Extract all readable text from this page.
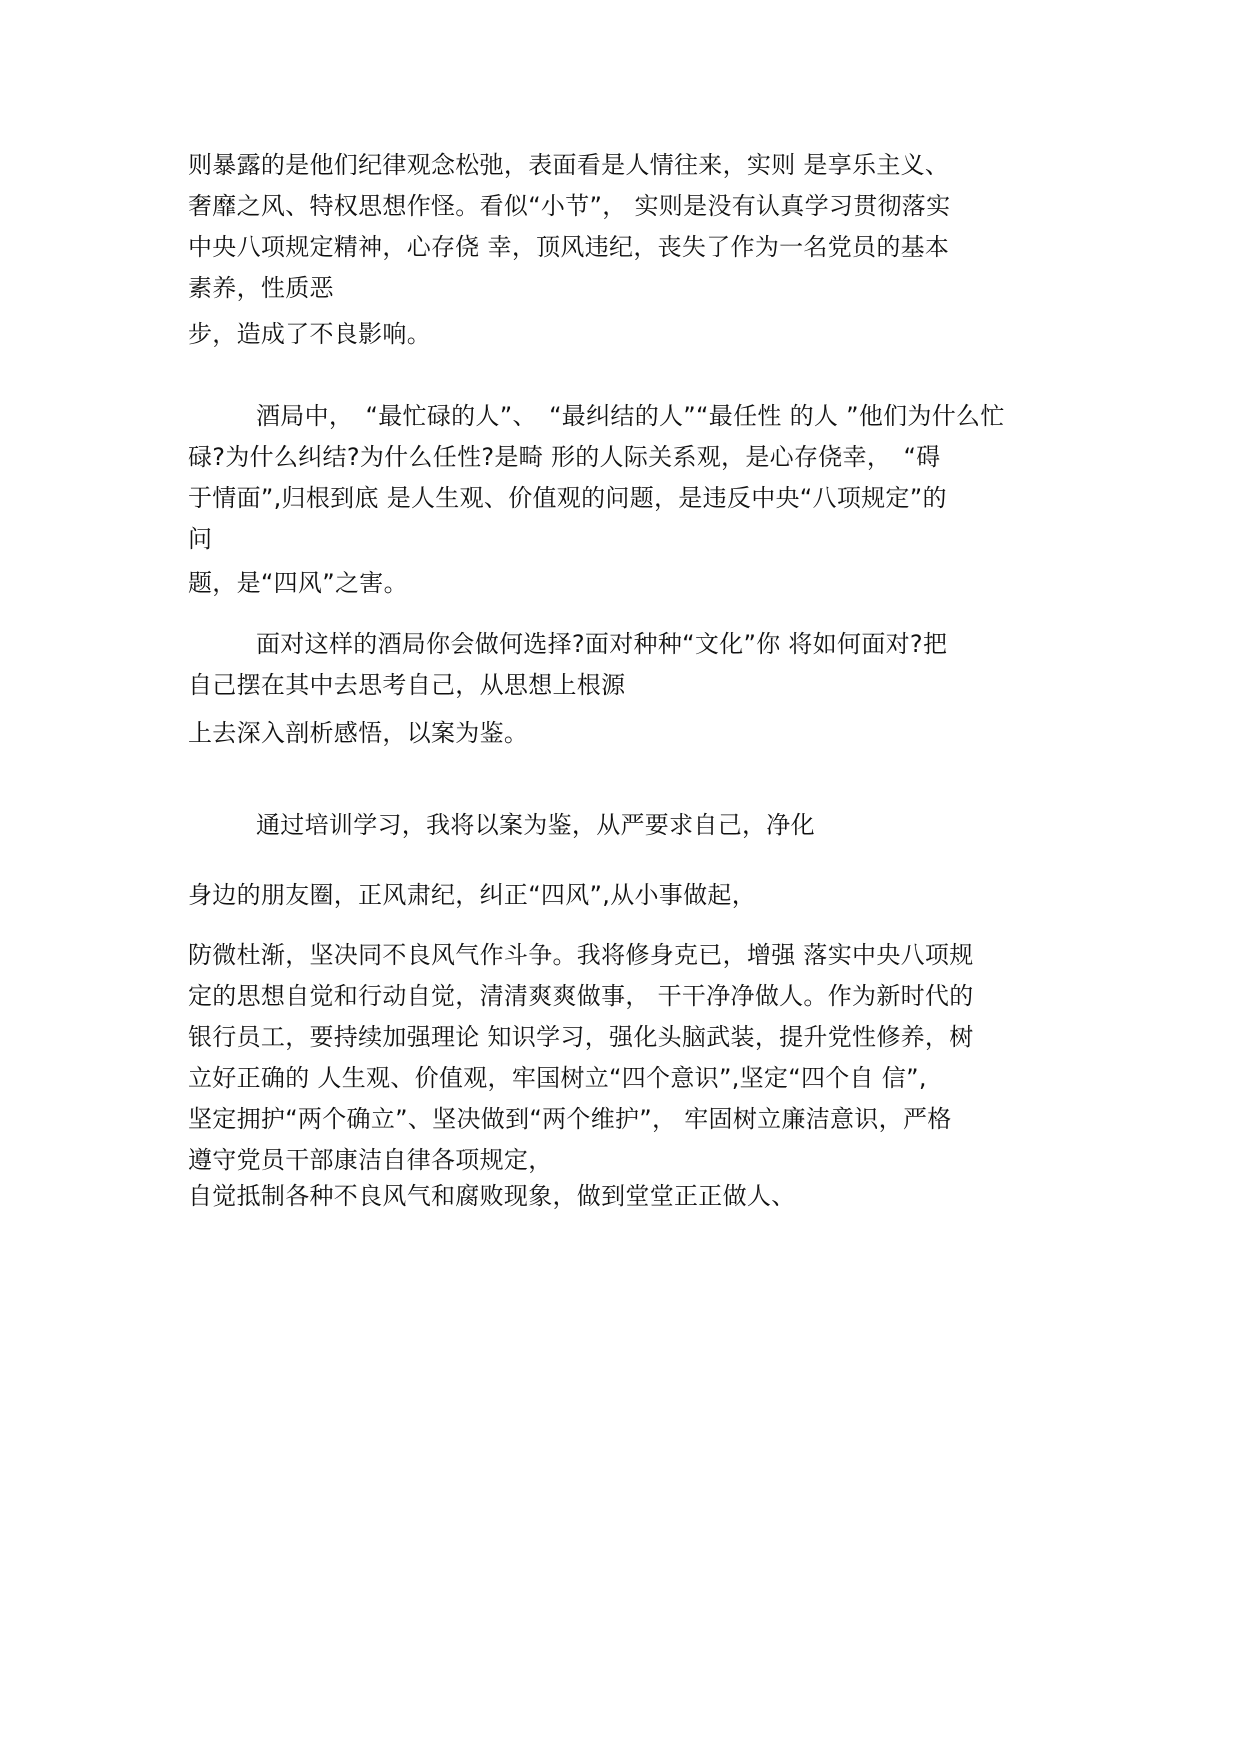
则暴露的是他们纪律观念松弛，表面看是人情往来，实则 是享乐主义、
奢靡之风、特权思想作怪。看似“小节”， 实则是没有认真学习贯彻落实
中央八项规定精神，心存侥 幸，顶风违纪，丧失了作为一名党员的基本
素养，性质恶
步，造成了不良影响。
酒局中，　“最忙碌的人”、　“最纠结的人”“最任性 的人 ”他们为什么忙
碌?为什么纠结?为什么任性?是畸 形的人际关系观，是心存侥幸，　“碍
于情面”,归根到底 是人生观、价值观的问题，是违反中央“八项规定”的
问
题，是“四风”之害。
面对这样的酒局你会做何选择?面对种种“文化”你 将如何面对?把
自己摆在其中去思考自己，从思想上根源
上去深入剖析感悟，以案为鉴。
通过培训学习，我将以案为鉴，从严要求自己，净化
身边的朋友圈，正风肃纪，纠正“四风”,从小事做起，
防微杜渐，坚决同不良风气作斗争。我将修身克已，增强 落实中央八项规
定的思想自觉和行动自觉，清清爽爽做事， 干干净净做人。作为新时代的
银行员工，要持续加强理论 知识学习，强化头脑武装，提升党性修养，树
立好正确的 人生观、价值观，牢国树立“四个意识”,坚定“四个自 信”,
坚定拥护“两个确立”、坚决做到“两个维护”， 牢固树立廉洁意识，严格
遵守党员干部康洁自律各项规定，
自觉抵制各种不良风气和腐败现象，做到堂堂正正做人、
